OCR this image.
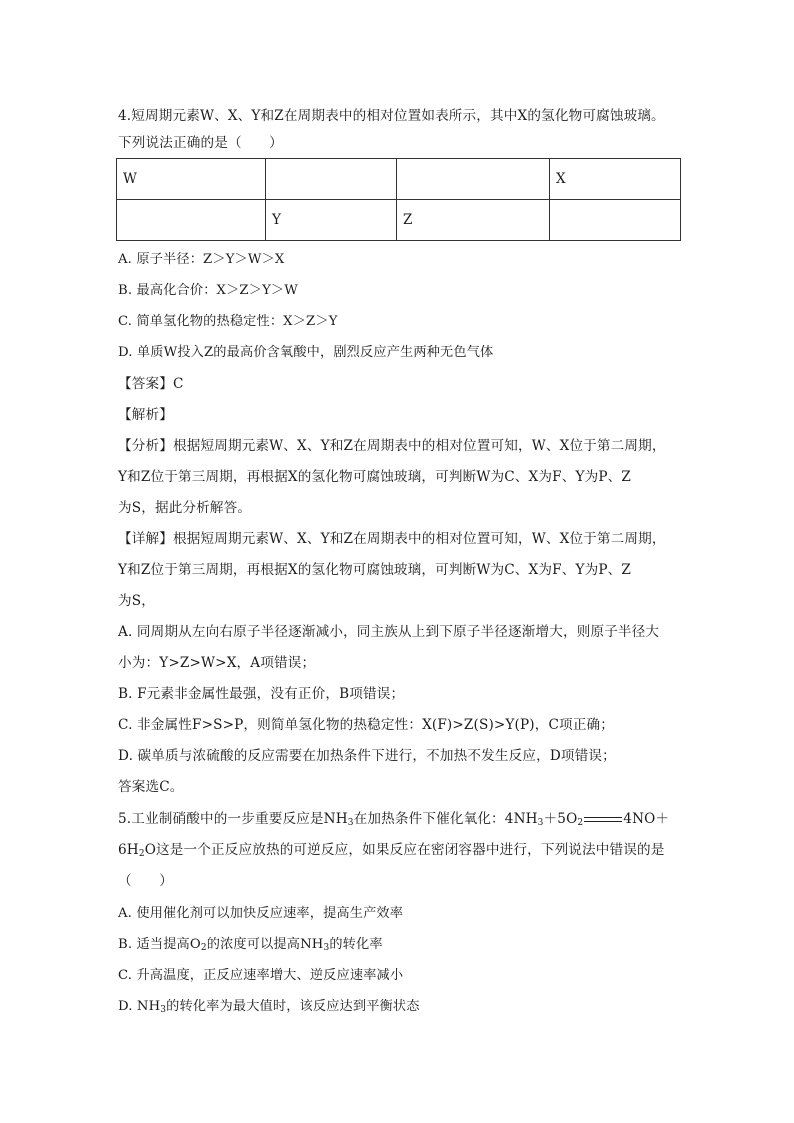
4.短周期元素W、X、Y和Z在周期表中的相对位置如表所示，其中X的氢化物可腐蚀玻璃。
下列说法正确的是（　　）
W			X
	Y	Z	
A. 原子半径：Z＞Y＞W＞X
B. 最高化合价：X＞Z＞Y＞W
C. 简单氢化物的热稳定性：X＞Z＞Y
D. 单质W投入Z的最高价含氧酸中，剧烈反应产生两种无色气体
【答案】C
【解析】
【分析】根据短周期元素W、X、Y和Z在周期表中的相对位置可知，W、X位于第二周期，
Y和Z位于第三周期，再根据X的氢化物可腐蚀玻璃，可判断W为C、X为F、Y为P、Z
为S，据此分析解答。
【详解】根据短周期元素W、X、Y和Z在周期表中的相对位置可知，W、X位于第二周期，
Y和Z位于第三周期，再根据X的氢化物可腐蚀玻璃，可判断W为C、X为F、Y为P、Z
为S，
A. 同周期从左向右原子半径逐渐减小，同主族从上到下原子半径逐渐增大，则原子半径大
小为：Y>Z>W>X，A项错误；
B. F元素非金属性最强，没有正价，B项错误；
C. 非金属性F>S>P，则简单氢化物的热稳定性：X(F)>Z(S)>Y(P)，C项正确；
D. 碳单质与浓硫酸的反应需要在加热条件下进行，不加热不发生反应，D项错误；
答案选C。
5.工业制硝酸中的一步重要反应是$NH_3$在加热条件下催化氧化：$4NH_3+5O_2$	4NO＋
$6H_2O$这是一个正反应放热的可逆反应，如果反应在密闭容器中进行，下列说法中错误的是
（　　）
A. 使用催化剂可以加快反应速率，提高生产效率
B. 适当提高$O_2$的浓度可以提高$NH_3$的转化率
C. 升高温度，正反应速率增大、逆反应速率减小
D. $NH_3$的转化率为最大值时，该反应达到平衡状态
